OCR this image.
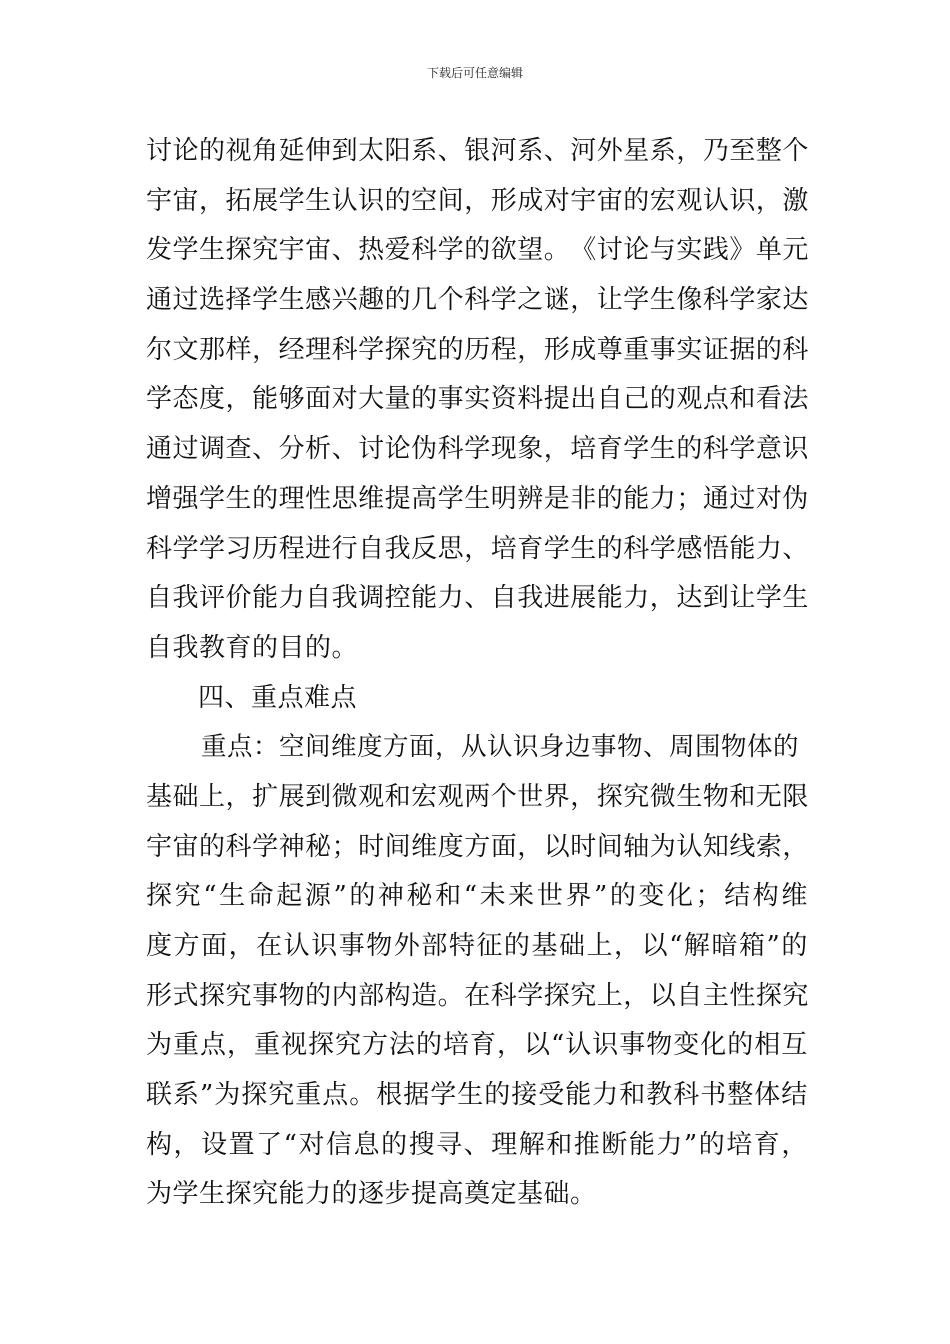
下载后可任意编辑
讨 论 的 视 角 延 伸 到 太 阳 系 、 银 河 系 、 河 外 星 系 ， 乃 至 整 个
宇 宙 ， 拓 展 学 生 认 识 的 空 间 ， 形 成 对 宇 宙 的 宏 观 认 识 ， 激
发 学 生 探 究 宇 宙 、 热 爱 科 学 的 欲 望 。 《 讨 论 与 实 践 》 单 元
通 过 选 择 学 生 感 兴 趣 的 几 个 科 学 之 谜 ， 让 学 生 像 科 学 家 达
尔 文 那 样 ， 经 理 科 学 探 究 的 历 程 ， 形 成 尊 重 事 实 证 据 的 科
学 态 度 ， 能 够 面 对 大 量 的 事 实 资 料 提 出 自 己 的 观 点 和 看 法
通 过 调 查 、 分 析 、 讨 论 伪 科 学 现 象 ， 培 育 学 生 的 科 学 意 识
增 强 学 生 的 理 性 思 维 提 高 学 生 明 辨 是 非 的 能 力 ； 通 过 对 伪
科 学 学 习 历 程 进 行 自 我 反 思 ， 培 育 学 生 的 科 学 感 悟 能 力 、
自 我 评 价 能 力 自 我 调 控 能 力 、 自 我 进 展 能 力 ， 达 到 让 学 生
自我教育的目的。
四、重点难点
重点：空间维度方面，从认识身边事物、周围物体的
基 础 上 ， 扩 展 到 微 观 和 宏 观 两 个 世 界 ， 探 究 微 生 物 和 无 限
宇 宙 的 科 学 神 秘 ； 时 间 维 度 方 面 ， 以 时 间 轴 为 认 知 线 索 ，
探 究 “ 生 命 起 源 ” 的 神 秘 和 “ 未 来 世 界 ” 的 变 化 ； 结 构 维
度 方 面 ， 在 认 识 事 物 外 部 特 征 的 基 础 上 ， 以 “ 解 暗 箱 ” 的
形 式 探 究 事 物 的 内 部 构 造 。 在 科 学 探 究 上 ， 以 自 主 性 探 究
为 重 点 ， 重 视 探 究 方 法 的 培 育 ， 以 “ 认 识 事 物 变 化 的 相 互
联 系 ” 为 探 究 重 点 。 根 据 学 生 的 接 受 能 力 和 教 科 书 整 体 结
构 ， 设 置 了 “ 对 信 息 的 搜 寻 、 理 解 和 推 断 能 力 ” 的 培 育 ，
为学生探究能力的逐步提高奠定基础。
